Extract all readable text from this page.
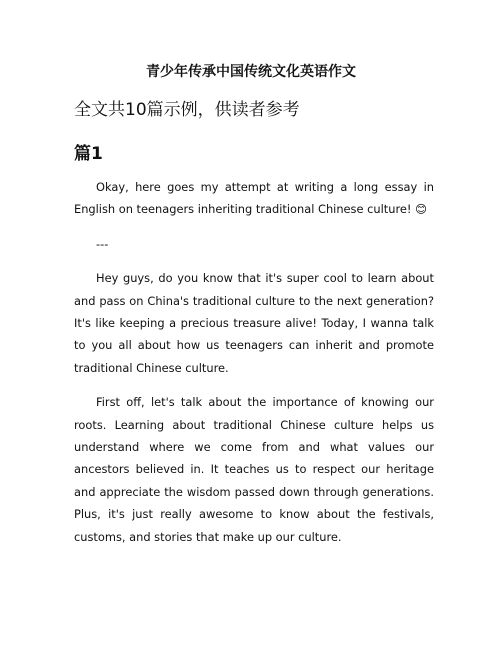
青少年传承中国传统文化英语作文
全文共10篇示例，供读者参考
篇1

Okay, here goes my attempt at writing a long essay in English on teenagers inheriting traditional Chinese culture! 😊

---

Hey guys, do you know that it's super cool to learn about and pass on China's traditional culture to the next generation? It's like keeping a precious treasure alive! Today, I wanna talk to you all about how us teenagers can inherit and promote traditional Chinese culture.

First off, let's talk about the importance of knowing our roots. Learning about traditional Chinese culture helps us understand where we come from and what values our ancestors believed in. It teaches us to respect our heritage and appreciate the wisdom passed down through generations. Plus, it's just really awesome to know about the festivals, customs, and stories that make up our culture.
